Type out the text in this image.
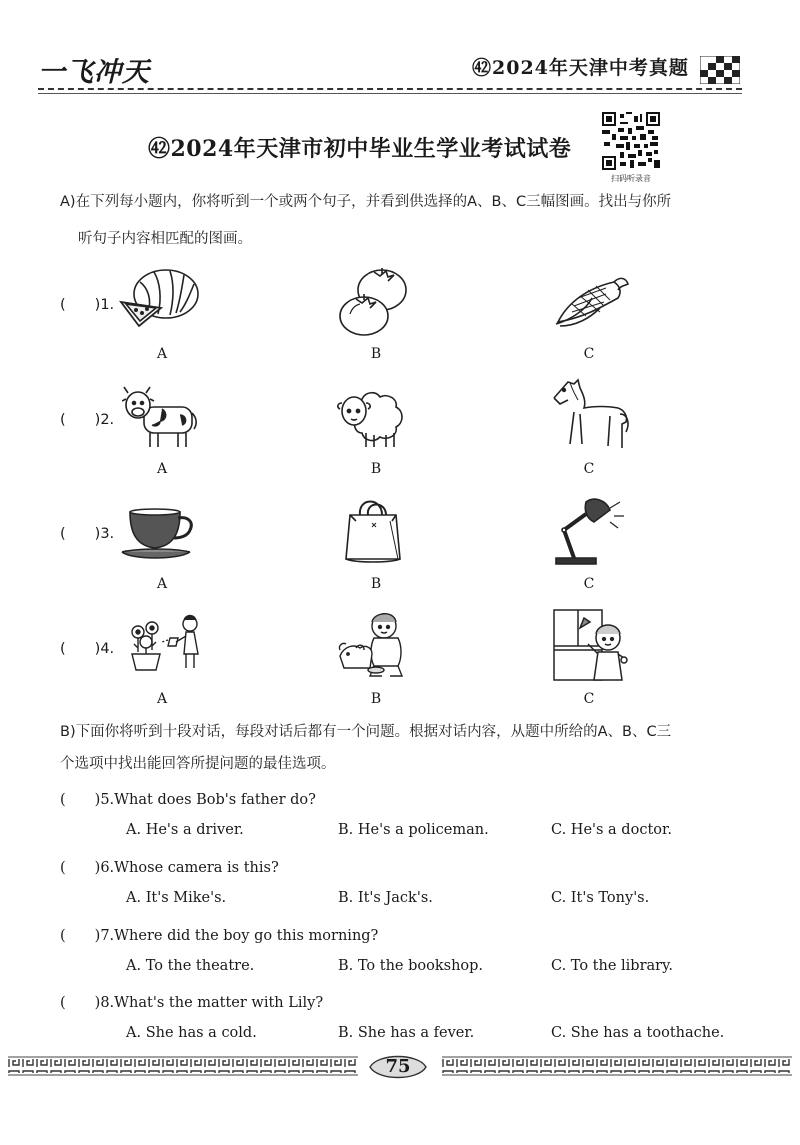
一飞冲天	㊷2024年天津中考真题
㊷2024年天津市初中毕业生学业考试试卷
扫码听录音
A)在下列每小题内，你将听到一个或两个句子，并看到供选择的A、B、C三幅图画。找出与你所
听句子内容相匹配的图画。
(　　)1.
A	B	C
(　　)2.
A	B	C
(　　)3.
A	B	C
(　　)4.
A	B	C
B)下面你将听到十段对话，每段对话后都有一个问题。根据对话内容，从题中所给的A、B、C三
个选项中找出能回答所提问题的最佳选项。
(　　)5.What does Bob's father do?
A. He's a driver.	B. He's a policeman.	C. He's a doctor.
(　　)6.Whose camera is this?
A. It's Mike's.	B. It's Jack's.	C. It's Tony's.
(　　)7.Where did the boy go this morning?
A. To the theatre.	B. To the bookshop.	C. To the library.
(　　)8.What's the matter with Lily?
A. She has a cold.	B. She has a fever.	C. She has a toothache.
75
